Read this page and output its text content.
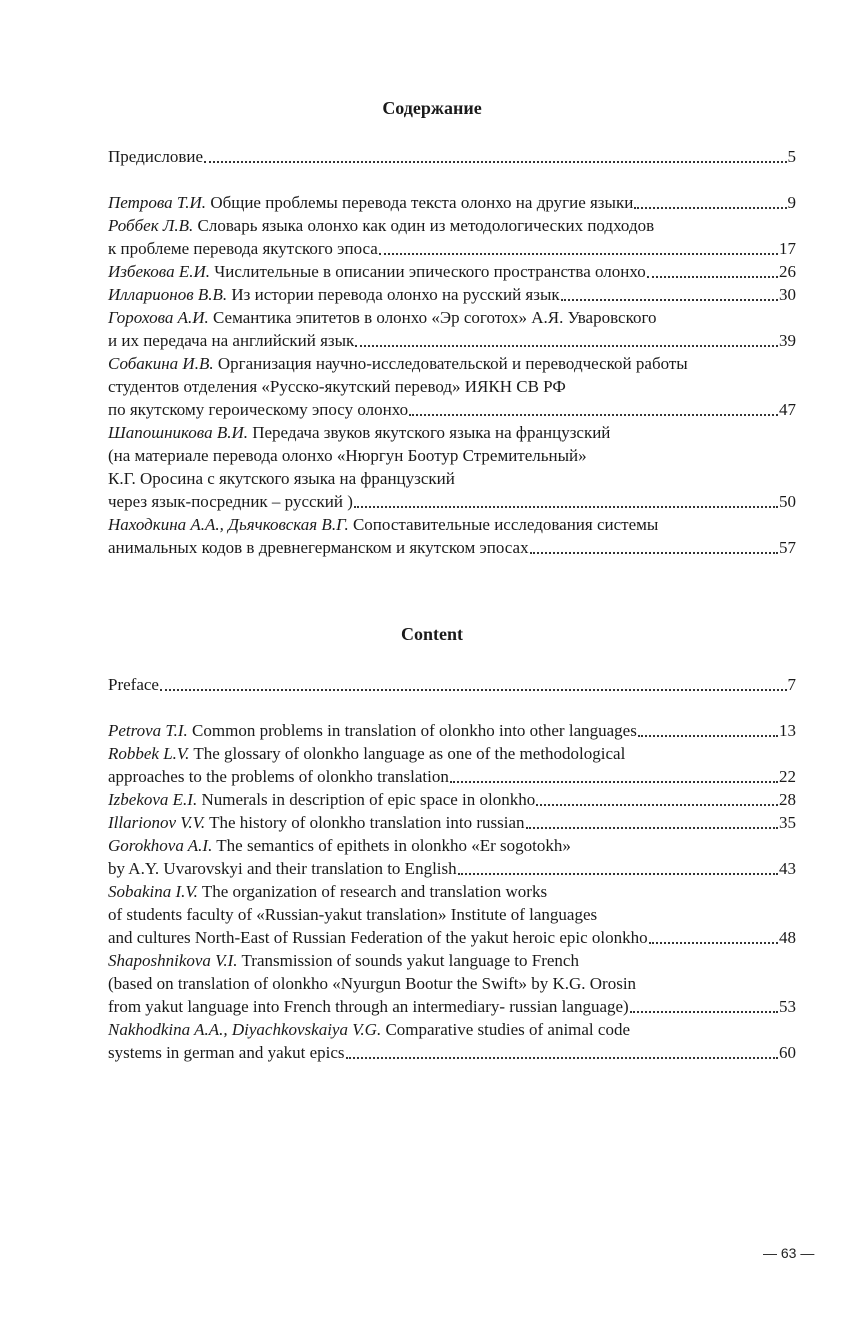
Содержание
Предисловие	5
Петрова Т.И. Общие проблемы перевода текста олонхо на другие языки	9
Роббек Л.В. Словарь языка олонхо как один из методологических подходов
к проблеме перевода якутского эпоса	17
Избекова Е.И. Числительные в описании эпического пространства олонхо	26
Илларионов В.В. Из истории перевода олонхо на русский язык	30
Горохова А.И. Семантика эпитетов в олонхо «Эр соготох» А.Я. Уваровского
и их передача на английский язык	39
Собакина И.В. Организация научно-исследовательской и переводческой работы
студентов отделения «Русско-якутский перевод» ИЯКН СВ РФ
по якутскому героическому эпосу олонхо	47
Шапошникова В.И. Передача звуков якутского языка на французский
(на материале перевода олонхо «Нюргун Боотур Стремительный»
К.Г. Оросина с якутского языка на французский
через язык-посредник – русский )	50
Находкина А.А., Дьячковская В.Г. Сопоставительные исследования системы
анимальных кодов в древнегерманском и якутском эпосах	57
Content
Preface	7
Petrova T.I. Common problems in translation of olonkho into other languages	13
Robbek L.V. The glossary of olonkho language as one of the methodological
approaches to the problems of olonkho translation	22
Izbekova E.I. Numerals in description of epic space in olonkho	28
Illarionov V.V. The history of olonkho translation into russian	35
Gorokhova A.I. The semantics of epithets in olonkho «Er sogotokh»
by A.Y. Uvarovskyi and their translation to English	43
Sobakina I.V. The organization of research and translation works
of students faculty of «Russian-yakut translation» Institute of languages
and cultures North-East of Russian Federation of the yakut heroic epic olonkho	48
Shaposhnikova V.I. Transmission of sounds yakut language to French
(based on translation of olonkho «Nyurgun Bootur the Swift» by K.G. Orosin
from yakut language into French through an intermediary- russian language)	53
Nakhodkina A.A., Diyachkovskaiya V.G. Comparative studies of animal code
systems in german and yakut epics	60
— 63 —
